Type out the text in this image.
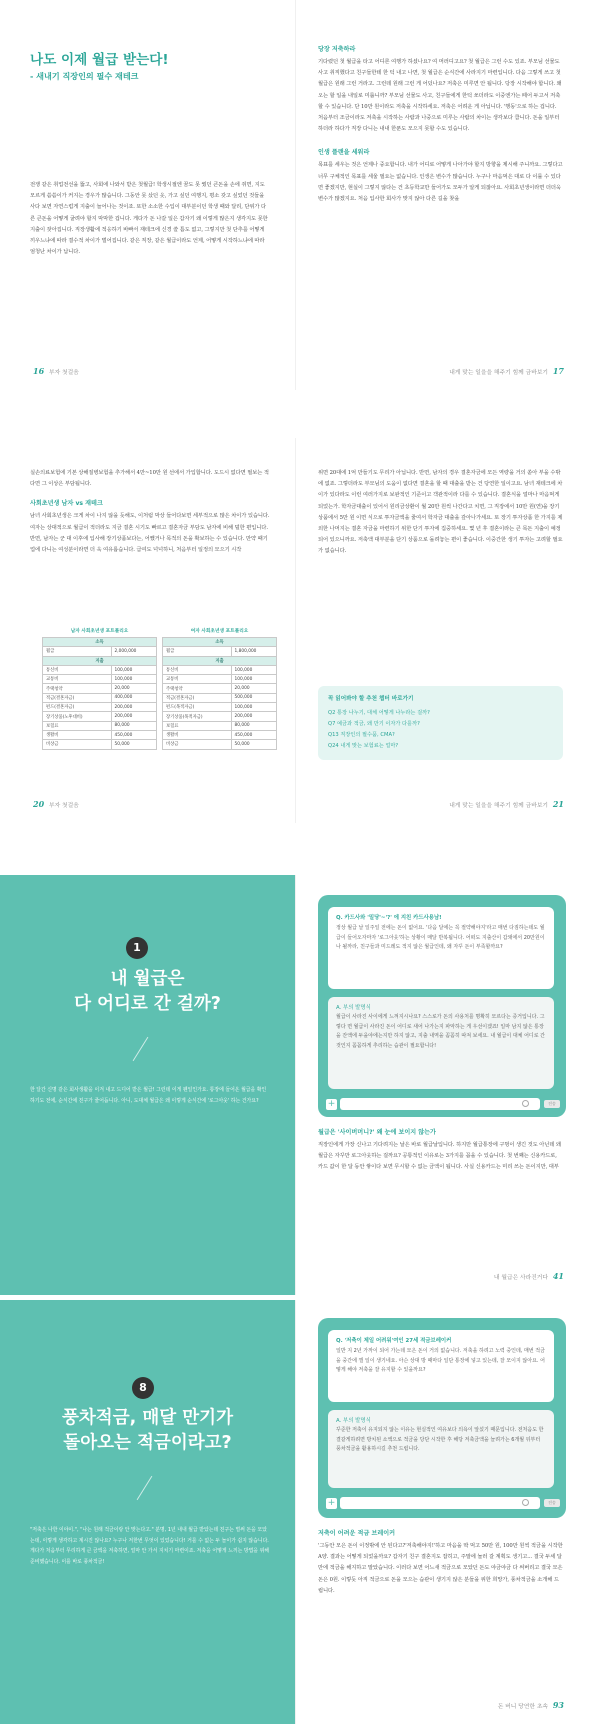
나도 이제 월급 받는다!
- 새내기 직장인의 필수 재테크
전쟁 같은 취업전선을 뚫고, 사회에 나와서 받은 첫월급! 학생시절엔 꿈도 못 꿨던 큰돈을 손에 쥐면, 지도 모르게 씀씀이가 커지는 경우가 많습니다. 그동안 못 샀던 옷, 가고 싶던 여행지, 평소 갖고 싶었던 것들을 사다 보면 자연스럽게 지출이 늘어나는 것이죠. 또한 소소한 수입이 대부분이던 학생 때와 달리, 단위가 다른 큰돈을 어떻게 굴려야 할지 막막한 겁니다. 게다가 돈 나갈 일은 갑자기 왜 이렇게 많은지 생각지도 못한 지출이 잦아집니다. 직장생활에 적응하기 바빠서 재테크에 신경 쓸 틈도 없고, 그렇지만 첫 단추를 어떻게 끼우느냐에 따라 결수적 차이가 벌어집니다. 같은 직장, 같은 월급이라도 언제, 어떻게 시작하느냐에 따라 엄청난 차이가 납니다.
16 부자 첫걸음
당장 저축하라
기다렸던 첫 월급을 타고 어디론 여행가 하셨나요? 여 머러디고요? 첫 월급은 그런 수도 있죠. 부모님 선물도 사고 취직했다고 친구들한테 한 턱 내고 나면, 첫 월급은 순식간에 사라지기 마련입니다. 다음 그렇게 쓰고 첫 월급은 원래 그런 거라고. 그런데 원래 그런 게 어딨나요? 저축은 미루면 안 됩니다. 당장 시작해야 합니다. 왜 오는 할 일을 내일로 미룹니까? 부모님 선물도 사고, 친구들에게 한턱 쏘더라도 이중엔가는 떼어 두고서 저축할 수 있습니다. 단 10만 원이라도 저축을 시작하세요. 저축은 어려운 게 아닙니다. '행동'으로 하는 겁니다. 처음부터 조금이라도 저축을 시작하는 사람과 나중으로 미루는 사람의 차이는 생각보다 큽니다. 돈을 일부터 하더라 하다가 직장 다니는 내내 한푼도 모으지 못할 수도 있습니다.
인생 플랜을 세워라
목표를 세우는 것은 언제나 중요합니다. 내가 어디로 어떻게 나아가야 할지 방향을 제시해 주니까요. 그렇다고 너무 구체적인 목표를 세울 필요는 없습니다. 인생은 변수가 많습니다. 누구나 마음먹은 대로 다 이룰 수 있다면 좋겠지만, 현실이 그렇지 않다는 건 초등학교만 들어가도 모두가 알게 되잖아요. 사회초년생이라면 더더욱 변수가 많겠지요. 처음 입사한 회사가 맞지 않아 다른 길을 찾을
내게 맞는 일을을 해주기 힘께 금바보기 17
실손의료보험에 기본 상해질병보험을 추가해서 4만~10만 원 선에서 가입합니다. 도드시 없다면 필보는 적다면 그 이상은 부담됩니다.
사회초년생 남자 vs 재테크
남녀 사회초년생은 크게 차이 나지 않을 듯해도, 이처럼 막상 들어다보면 세부적으로 많은 차이가 있습니다. 여자는 상대적으로 월급이 적더라도 지금 결혼 시기도 빠르고 결혼자금 부담도 남자에 비해 덜한 편입니다. 반면, 남자는 군 대 이후에 입사해 장기상품보다는, 어쨌거나 목적의 돈을 확보하는 수 있습니다. 만약 때기업에 다니는 여성분이라면 더 욱 여유롭습니다. 급여도 넉넉하니, 처음부터 일정의 모으기 시작
남자 사회초년생 포트폴리오
소득	
월급	2,000,000
지출	
통신비	100,000
교통비	100,000
주택청약	20,000
적금(결혼자금)	400,000
펀드(결혼자금)	200,000
장기상품(노후대비)	200,000
보험료	80,000
생활비	450,000
비상금	50,000
여자 사회초년생 포트폴리오
소득	
월급	1,800,000
지출	
통신비	100,000
교통비	100,000
주택청약	20,000
적금(결혼자금)	500,000
펀드(목적자금)	100,000
장기상품(목적자금)	200,000
보험료	80,000
생활비	450,000
비상금	50,000
20 부자 첫걸음
위면 20대에 1억 만들기도 무리가 아닙니다. 반면, 남자의 경우 결혼자금에 모든 역량을 거의 쏟아 부을 수밖에 없죠. 그렇더라도 부모님의 도움이 없다면 결혼을 할 때 대출을 받는 건 당연한 일이고요. 남녀 재테크에 차이가 있다라도 이런 여러가지로 보완적인 기준이고 객관적이라 다를 수 있습니다. 결혼식을 얼마나 마음먹게 되었는가. 학자금대출이 있어서 원리금상환이 월 20만 원씩 나간다고 치면, 그 직장에서 10만 원(연)을 장기상품에서 5만 원 이면 식으로 투자금액을 줄여서 학자금 대출을 갚아나가세요. 또 장기 투자상품 한 가지를 제외한 나머지는 결혼 자금을 마련하기 위한 단기 투자에 집중하세요. 몇 년 후 결혼이라는 큰 목돈 지출이 예정되어 있으니까요. 저축액 대부분을 단기 상품으로 돌려놓는 편이 좋습니다. 이중간한 생기 투자는 고려할 필요가 없습니다.
꼭 읽어봐야 할 추천 챕터 바로가기
Q2 통장 나누기, 대체 어떻게 나누라는 걸까?
Q7 예금과 적금, 왜 만기 이자가 다를까?
Q13 직장인의 필수품, CMA?
Q24 내게 맞는 보험료는 얼마?
내게 맞는 일을을 해주기 힘께 금바보기 21
1
내 월급은
다 어디로 간 걸까?
한 달간 신명 같은 회사생활을 이겨 내고 드디어 받은 월급! 그런데 이게 웬일인가요. 통장에 들어온 월급을 확인하기도 전에, 순식간에 친구가 줄어듭니다. 아니, 도대체 월급은 왜 이렇게 순식간에 '로그아웃' 하는 건가요?
Q. 카드사와 '밀당'~'?' 에 지친 카드사용남!
정상 월급 날 일주일 전에는 돈이 없어요. '다음 달에는 꼭 절약해야지'라고 매번 다짐하는데도 월급이 들어오자마자 '로그아웃'하는 상황이 매달 반복됩니다. 어떠도 지출산이 갑돼에서 20만원이나 될까라, 친구들과 미드레도 적지 않은 월급인데, 왜 자꾸 돈이 부족할까요?
A. 부의 발명식
월급이 사라진 사이에게 느껴지시나요? 스스로가 돈의 사용처를 명확히 모르다는 증거입니다. 그렇다 면 월급이 사라진 돈이 어디로 새어 나가는지 파악하는 게 우선이겠죠! 일마 남지 않은 통장을 잔액에 두을야에는지만 하지 않고, 지출 내역을 꼼꼼히 따져 보세요. 내 월급이 대체 어디로 간 것인지 꼼꼼하게 추리하는 습관이 필요합니다!
+	전송
월급은 '사이버머니?' 왜 눈에 보이지 않는가
직장인에게 가장 신나고 기다려지는 날은 바로 월급날입니다. 하지만 월급통장에 구멍이 생긴 것도 아닌데 왜 월급은 자꾸만 로그아웃하는 걸까요? 공통적인 이유로는 3가지를 꼽을 수 있습니다. 첫 번째는 신용카드로, 카드 값이 한 달 동안 쌓이다 보면 무시할 수 없는 금액이 됩니다. 사실 신용카드는 미리 쓰는 돈이지만, 대부
내 월급은 사라진거다 41
8
풍차적금, 매달 만기가
돌아오는 적금이라고?
"저축은 나한 이야이.", "나는 원래 적금이랑 안 맞는다고." 분명, 1년 내내 월급 받았는데 친구는 벌써 돈을 모았는데, 이렇게 생각하고 계시진 않나요? 누구나 저한번 무엇이 있었습니다! 거를 수 없는 두 놀이가 쉽지 않습니다. 게다가 처음부터 무리하게 큰 금액을 저축하면, 얼마 안 가서 지치기 마련이죠. 저축을 어떻게 느끼는 방법을 위해 준비했습니다. 이를 바로 풍차적금!
Q. '저축이 제일 어려워'여인 27세 적금브레이커
일반 지 2년 가까이 되어 가는데 모은 돈이 거의 없습니다. 저축을 하려고 노력 중인데, 매번 적금을 중간에 깰 일이 생기네요. 아슨 상대 방 때마다 일단 통장에 넣고 있는데, 잘 모이지 않아요. 어떻게 해야 저축을 잘 유지할 수 있을까요?
A. 부의 발명식
꾸준한 저축이 유지되지 않는 이유는 현실적인 여유보다 의욕이 앞섰기 때문입니다. 전처음도 한결같게하려면 방치된 소액으로 적금을 당단 시작한 후 해당 저축금액을 늘려가는 6개월 뒤부터 풍차적금을 활용하시길 추천 드립니다.
+	전송
저축이 어려운 적금 브레이커
'그동안 모은 돈이 이정밖에 안 된다고?'저축해야지!'하고 마음을 딱 먹고 50만 원, 100만 원씩 적금을 시작한 A양. 결과는 어떻게 되었을까요? 갑자기 친구 결혼지도 잡히고, 주말에 놀러 갈 계획도 생기고... 결국 두세 달 만에 적금을 해지하고 말았습니다. 이러다 보면 어느새 적금으로 모았던 돈도 야금야금 다 써버리고 결국 모은 돈은 0원. 이렇듯 아직 적금으로 돈을 모으는 습관이 생기지 않은 분들을 위한 희망가, 풍차적금을 소개해 드립니다.
돈 버니 당연한 초속 93
